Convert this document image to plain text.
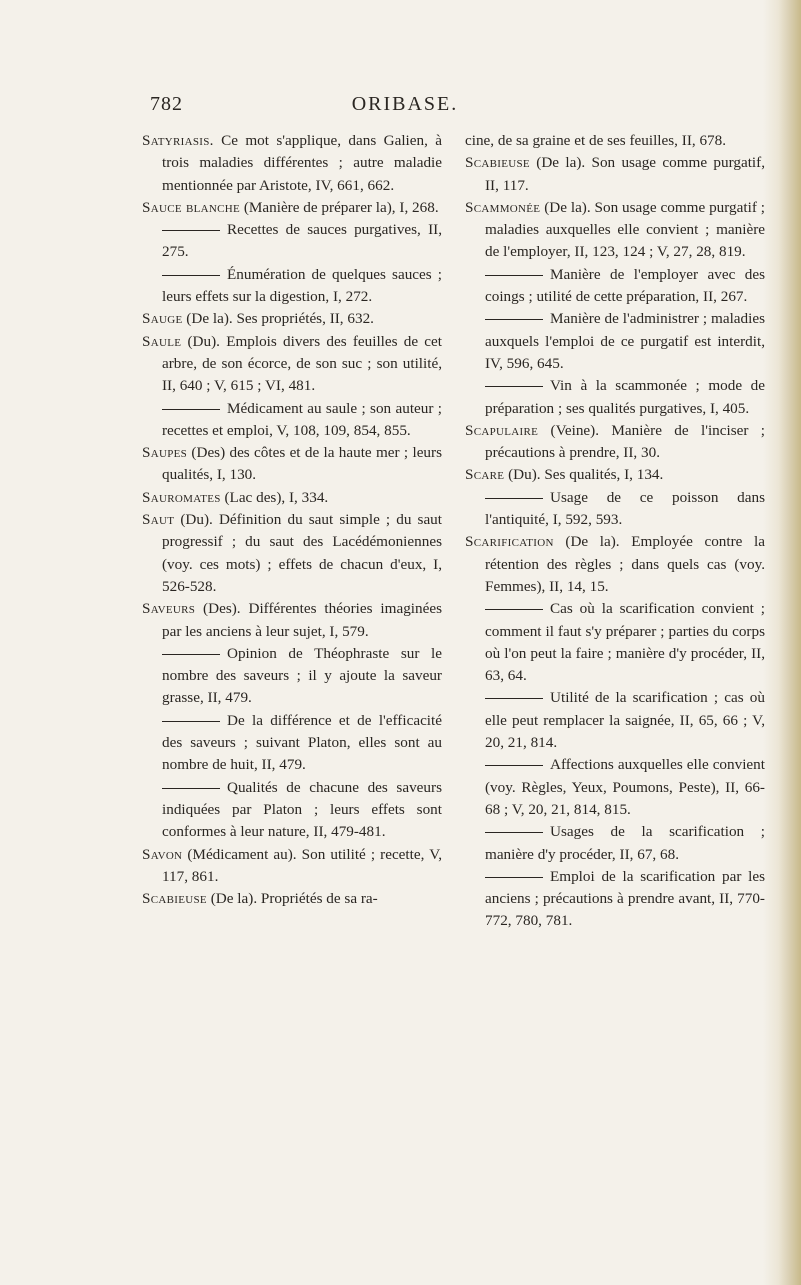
782	ORIBASE.

Satyriasis. Ce mot s'applique, dans Galien, à trois maladies différentes ; autre maladie mentionnée par Aristote, IV, 661, 662.

Sauce blanche (Manière de préparer la), I, 268.

Recettes de sauces purgatives, II, 275.

Énumération de quelques sauces ; leurs effets sur la digestion, I, 272.

Sauge (De la). Ses propriétés, II, 632.

Saule (Du). Emplois divers des feuilles de cet arbre, de son écorce, de son suc ; son utilité, II, 640 ; V, 615 ; VI, 481.

Médicament au saule ; son auteur ; recettes et emploi, V, 108, 109, 854, 855.

Saupes (Des) des côtes et de la haute mer ; leurs qualités, I, 130.

Sauromates (Lac des), I, 334.

Saut (Du). Définition du saut simple ; du saut progressif ; du saut des Lacédémoniennes (voy. ces mots) ; effets de chacun d'eux, I, 526-528.

Saveurs (Des). Différentes théories imaginées par les anciens à leur sujet, I, 579.

Opinion de Théophraste sur le nombre des saveurs ; il y ajoute la saveur grasse, II, 479.

De la différence et de l'efficacité des saveurs ; suivant Platon, elles sont au nombre de huit, II, 479.

Qualités de chacune des saveurs indiquées par Platon ; leurs effets sont conformes à leur nature, II, 479-481.

Savon (Médicament au). Son utilité ; recette, V, 117, 861.

Scabieuse (De la). Propriétés de sa ra-

cine, de sa graine et de ses feuilles, II, 678.

Scabieuse (De la). Son usage comme purgatif, II, 117.

Scammonée (De la). Son usage comme purgatif ; maladies auxquelles elle convient ; manière de l'employer, II, 123, 124 ; V, 27, 28, 819.

Manière de l'employer avec des coings ; utilité de cette préparation, II, 267.

Manière de l'administrer ; maladies auxquels l'emploi de ce purgatif est interdit, IV, 596, 645.

Vin à la scammonée ; mode de préparation ; ses qualités purgatives, I, 405.

Scapulaire (Veine). Manière de l'inciser ; précautions à prendre, II, 30.

Scare (Du). Ses qualités, I, 134.

Usage de ce poisson dans l'antiquité, I, 592, 593.

Scarification (De la). Employée contre la rétention des règles ; dans quels cas (voy. Femmes), II, 14, 15.

Cas où la scarification convient ; comment il faut s'y préparer ; parties du corps où l'on peut la faire ; manière d'y procéder, II, 63, 64.

Utilité de la scarification ; cas où elle peut remplacer la saignée, II, 65, 66 ; V, 20, 21, 814.

Affections auxquelles elle convient (voy. Règles, Yeux, Poumons, Peste), II, 66-68 ; V, 20, 21, 814, 815.

Usages de la scarification ; manière d'y procéder, II, 67, 68.

Emploi de la scarification par les anciens ; précautions à prendre avant, II, 770-772, 780, 781.
